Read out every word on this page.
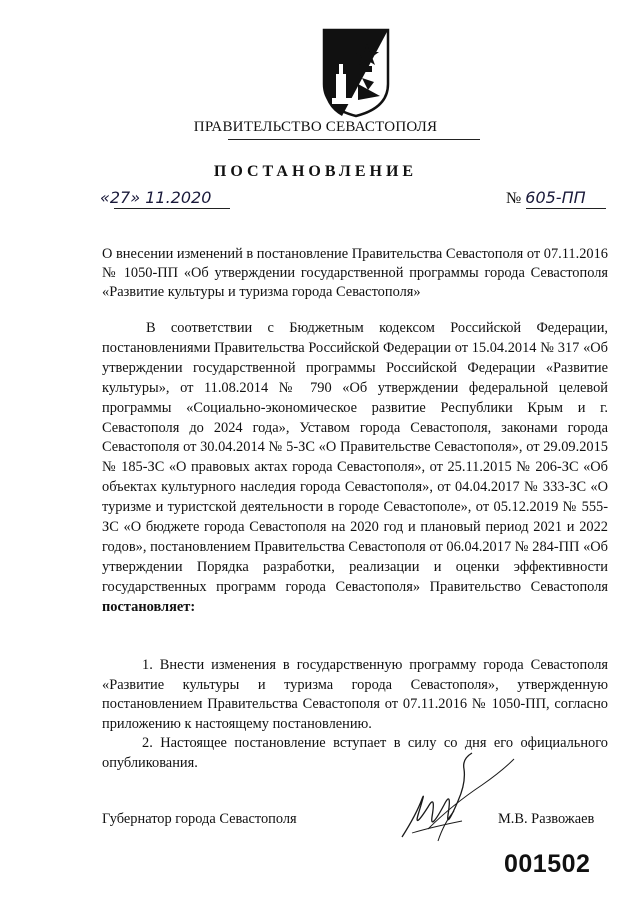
ПРАВИТЕЛЬСТВО СЕВАСТОПОЛЯ
ПОСТАНОВЛЕНИЕ
«27» 11.2020	№ 605-ПП
О внесении изменений в постановление Правительства Севастополя от 07.11.2016 № 1050-ПП «Об утверждении государственной программы города Севастополя «Развитие культуры и туризма города Севастополя»

В соответствии с Бюджетным кодексом Российской Федерации, постановлениями Правительства Российской Федерации от 15.04.2014 № 317 «Об утверждении государственной программы Российской Федерации «Развитие культуры», от 11.08.2014 № 790 «Об утверждении федеральной целевой программы «Социально-экономическое развитие Республики Крым и г. Севастополя до 2024 года», Уставом города Севастополя, законами города Севастополя от 30.04.2014 № 5-ЗС «О Правительстве Севастополя», от 29.09.2015 № 185-ЗС «О правовых актах города Севастополя», от 25.11.2015 № 206-ЗС «Об объектах культурного наследия города Севастополя», от 04.04.2017 № 333-ЗС «О туризме и туристской деятельности в городе Севастополе», от 05.12.2019 № 555-ЗС «О бюджете города Севастополя на 2020 год и плановый период 2021 и 2022 годов», постановлением Правительства Севастополя от 06.04.2017 № 284-ПП «Об утверждении Порядка разработки, реализации и оценки эффективности государственных программ города Севастополя» Правительство Севастополя постановляет:

1. Внести изменения в государственную программу города Севастополя «Развитие культуры и туризма города Севастополя», утвержденную постановлением Правительства Севастополя от 07.11.2016 № 1050-ПП, согласно приложению к настоящему постановлению.

2. Настоящее постановление вступает в силу со дня его официального опубликования.

Губернатор города Севастополя	М.В. Развожаев
001502
